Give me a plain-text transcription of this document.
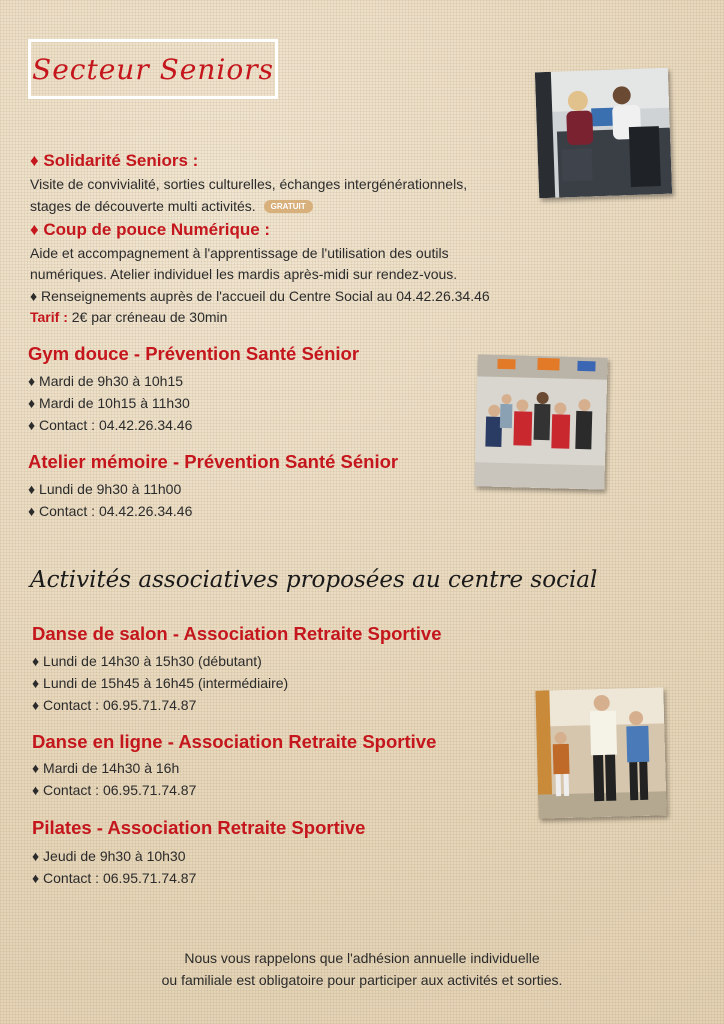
Secteur Seniors
♦ Solidarité Seniors :
Visite de convivialité, sorties culturelles, échanges intergénérationnels,
stages de découverte multi activités. GRATUIT
♦ Coup de pouce Numérique :
Aide et accompagnement à l'apprentissage de l'utilisation des outils
numériques. Atelier individuel les mardis après-midi sur rendez-vous.
♦ Renseignements auprès de l'accueil du Centre Social au 04.42.26.34.46
Tarif : 2€ par créneau de 30min
Gym douce - Prévention Santé Sénior
♦ Mardi de 9h30 à 10h15
♦ Mardi de 10h15 à 11h30
♦ Contact : 04.42.26.34.46
Atelier mémoire - Prévention Santé Sénior
♦ Lundi de 9h30 à 11h00
♦ Contact : 04.42.26.34.46
Activités associatives proposées au centre social
Danse de salon - Association Retraite Sportive
♦ Lundi de 14h30 à 15h30 (débutant)
♦ Lundi de 15h45 à 16h45 (intermédiaire)
♦ Contact : 06.95.71.74.87
Danse en ligne - Association Retraite Sportive
♦ Mardi de 14h30 à 16h
♦ Contact : 06.95.71.74.87
Pilates - Association Retraite Sportive
♦ Jeudi de 9h30 à 10h30
♦ Contact : 06.95.71.74.87
Nous vous rappelons que l'adhésion annuelle individuelle
ou familiale est obligatoire pour participer aux activités et sorties.
